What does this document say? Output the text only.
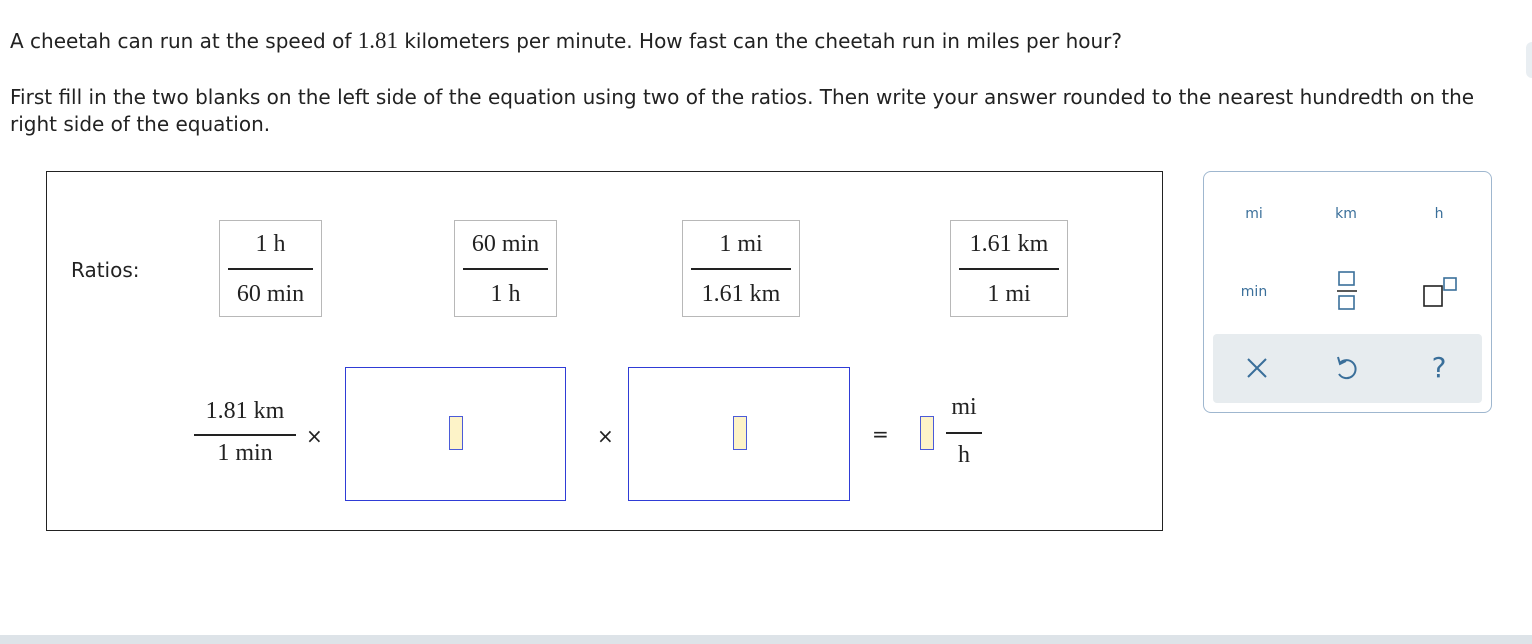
A cheetah can run at the speed of 1.81 kilometers per minute. How fast can the cheetah run in miles per hour?
First fill in the two blanks on the left side of the equation using two of the ratios. Then write your answer rounded to the nearest hundredth on the right side of the equation.
Ratios:
1 h
60 min
60 min
1 h
1 mi
1.61 km
1.61 km
1 mi
1.81 km
1 min
×	×	=
mi
h
mi	km	h
min
?
